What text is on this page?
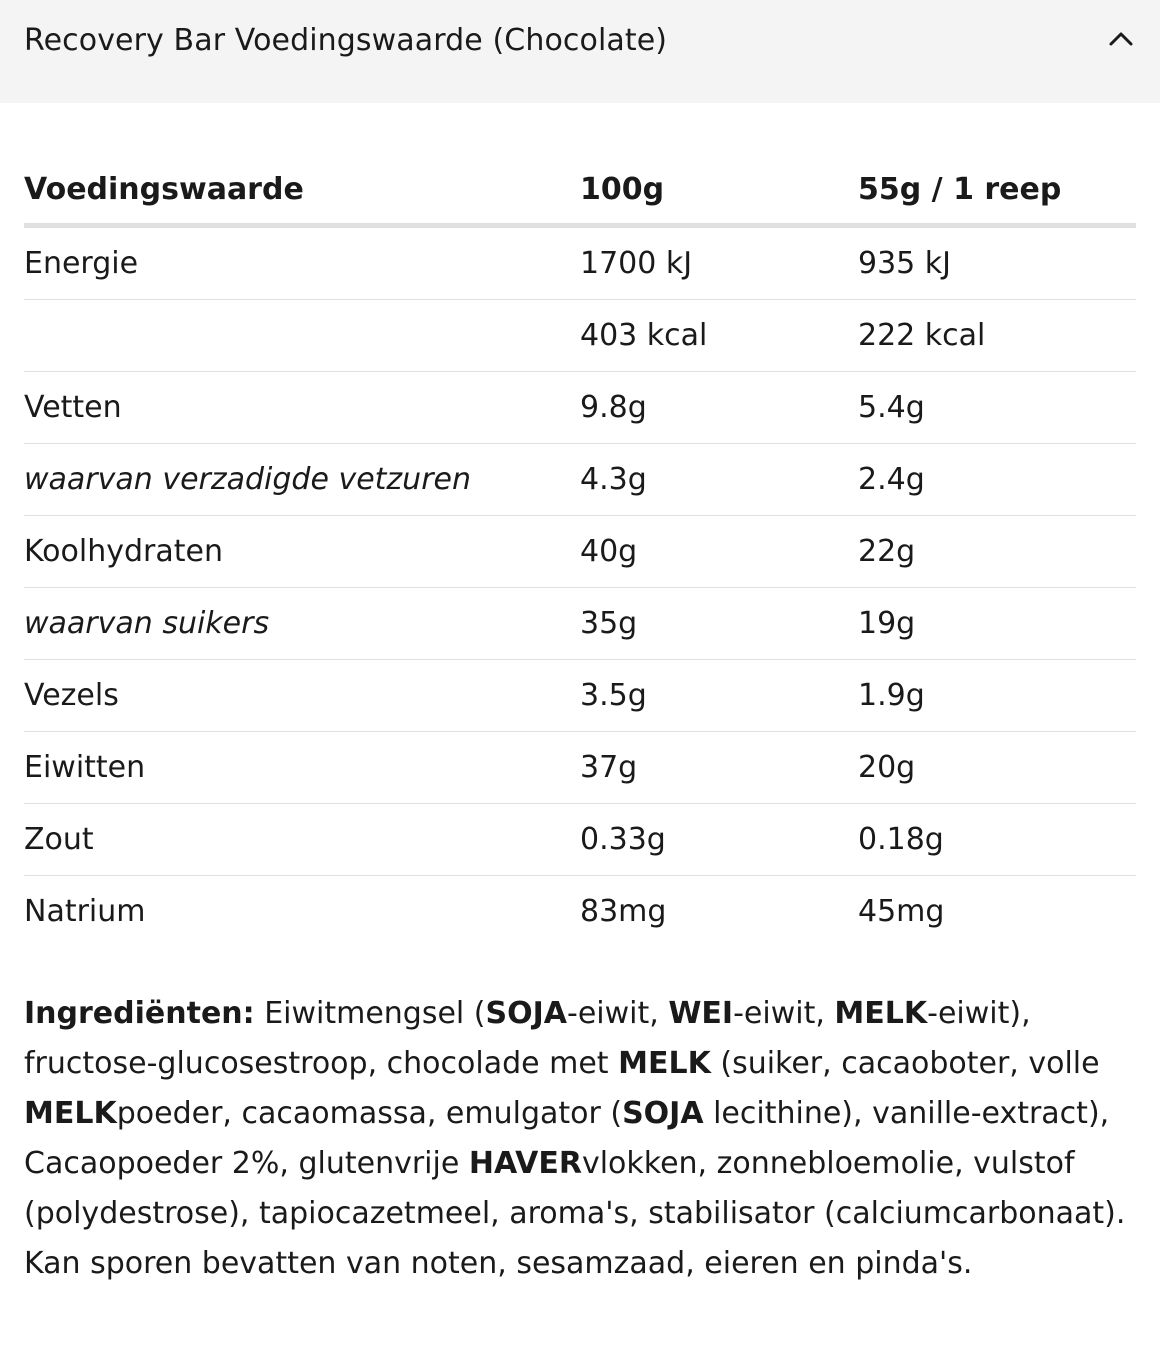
Recovery Bar Voedingswaarde (Chocolate)
Voedingswaarde	100g	55g / 1 reep
Energie	1700 kJ	935 kJ
	403 kcal	222 kcal
Vetten	9.8g	5.4g
waarvan verzadigde vetzuren	4.3g	2.4g
Koolhydraten	40g	22g
waarvan suikers	35g	19g
Vezels	3.5g	1.9g
Eiwitten	37g	20g
Zout	0.33g	0.18g
Natrium	83mg	45mg
Ingrediënten: Eiwitmengsel (SOJA-eiwit, WEI-eiwit, MELK-eiwit), fructose-glucosestroop, chocolade met MELK (suiker, cacaoboter, volle MELKpoeder, cacaomassa, emulgator (SOJA lecithine), vanille-extract), Cacaopoeder 2%, glutenvrije HAVERvlokken, zonnebloemolie, vulstof (polydestrose), tapiocazetmeel, aroma's, stabilisator (calciumcarbonaat). Kan sporen bevatten van noten, sesamzaad, eieren en pinda's.
